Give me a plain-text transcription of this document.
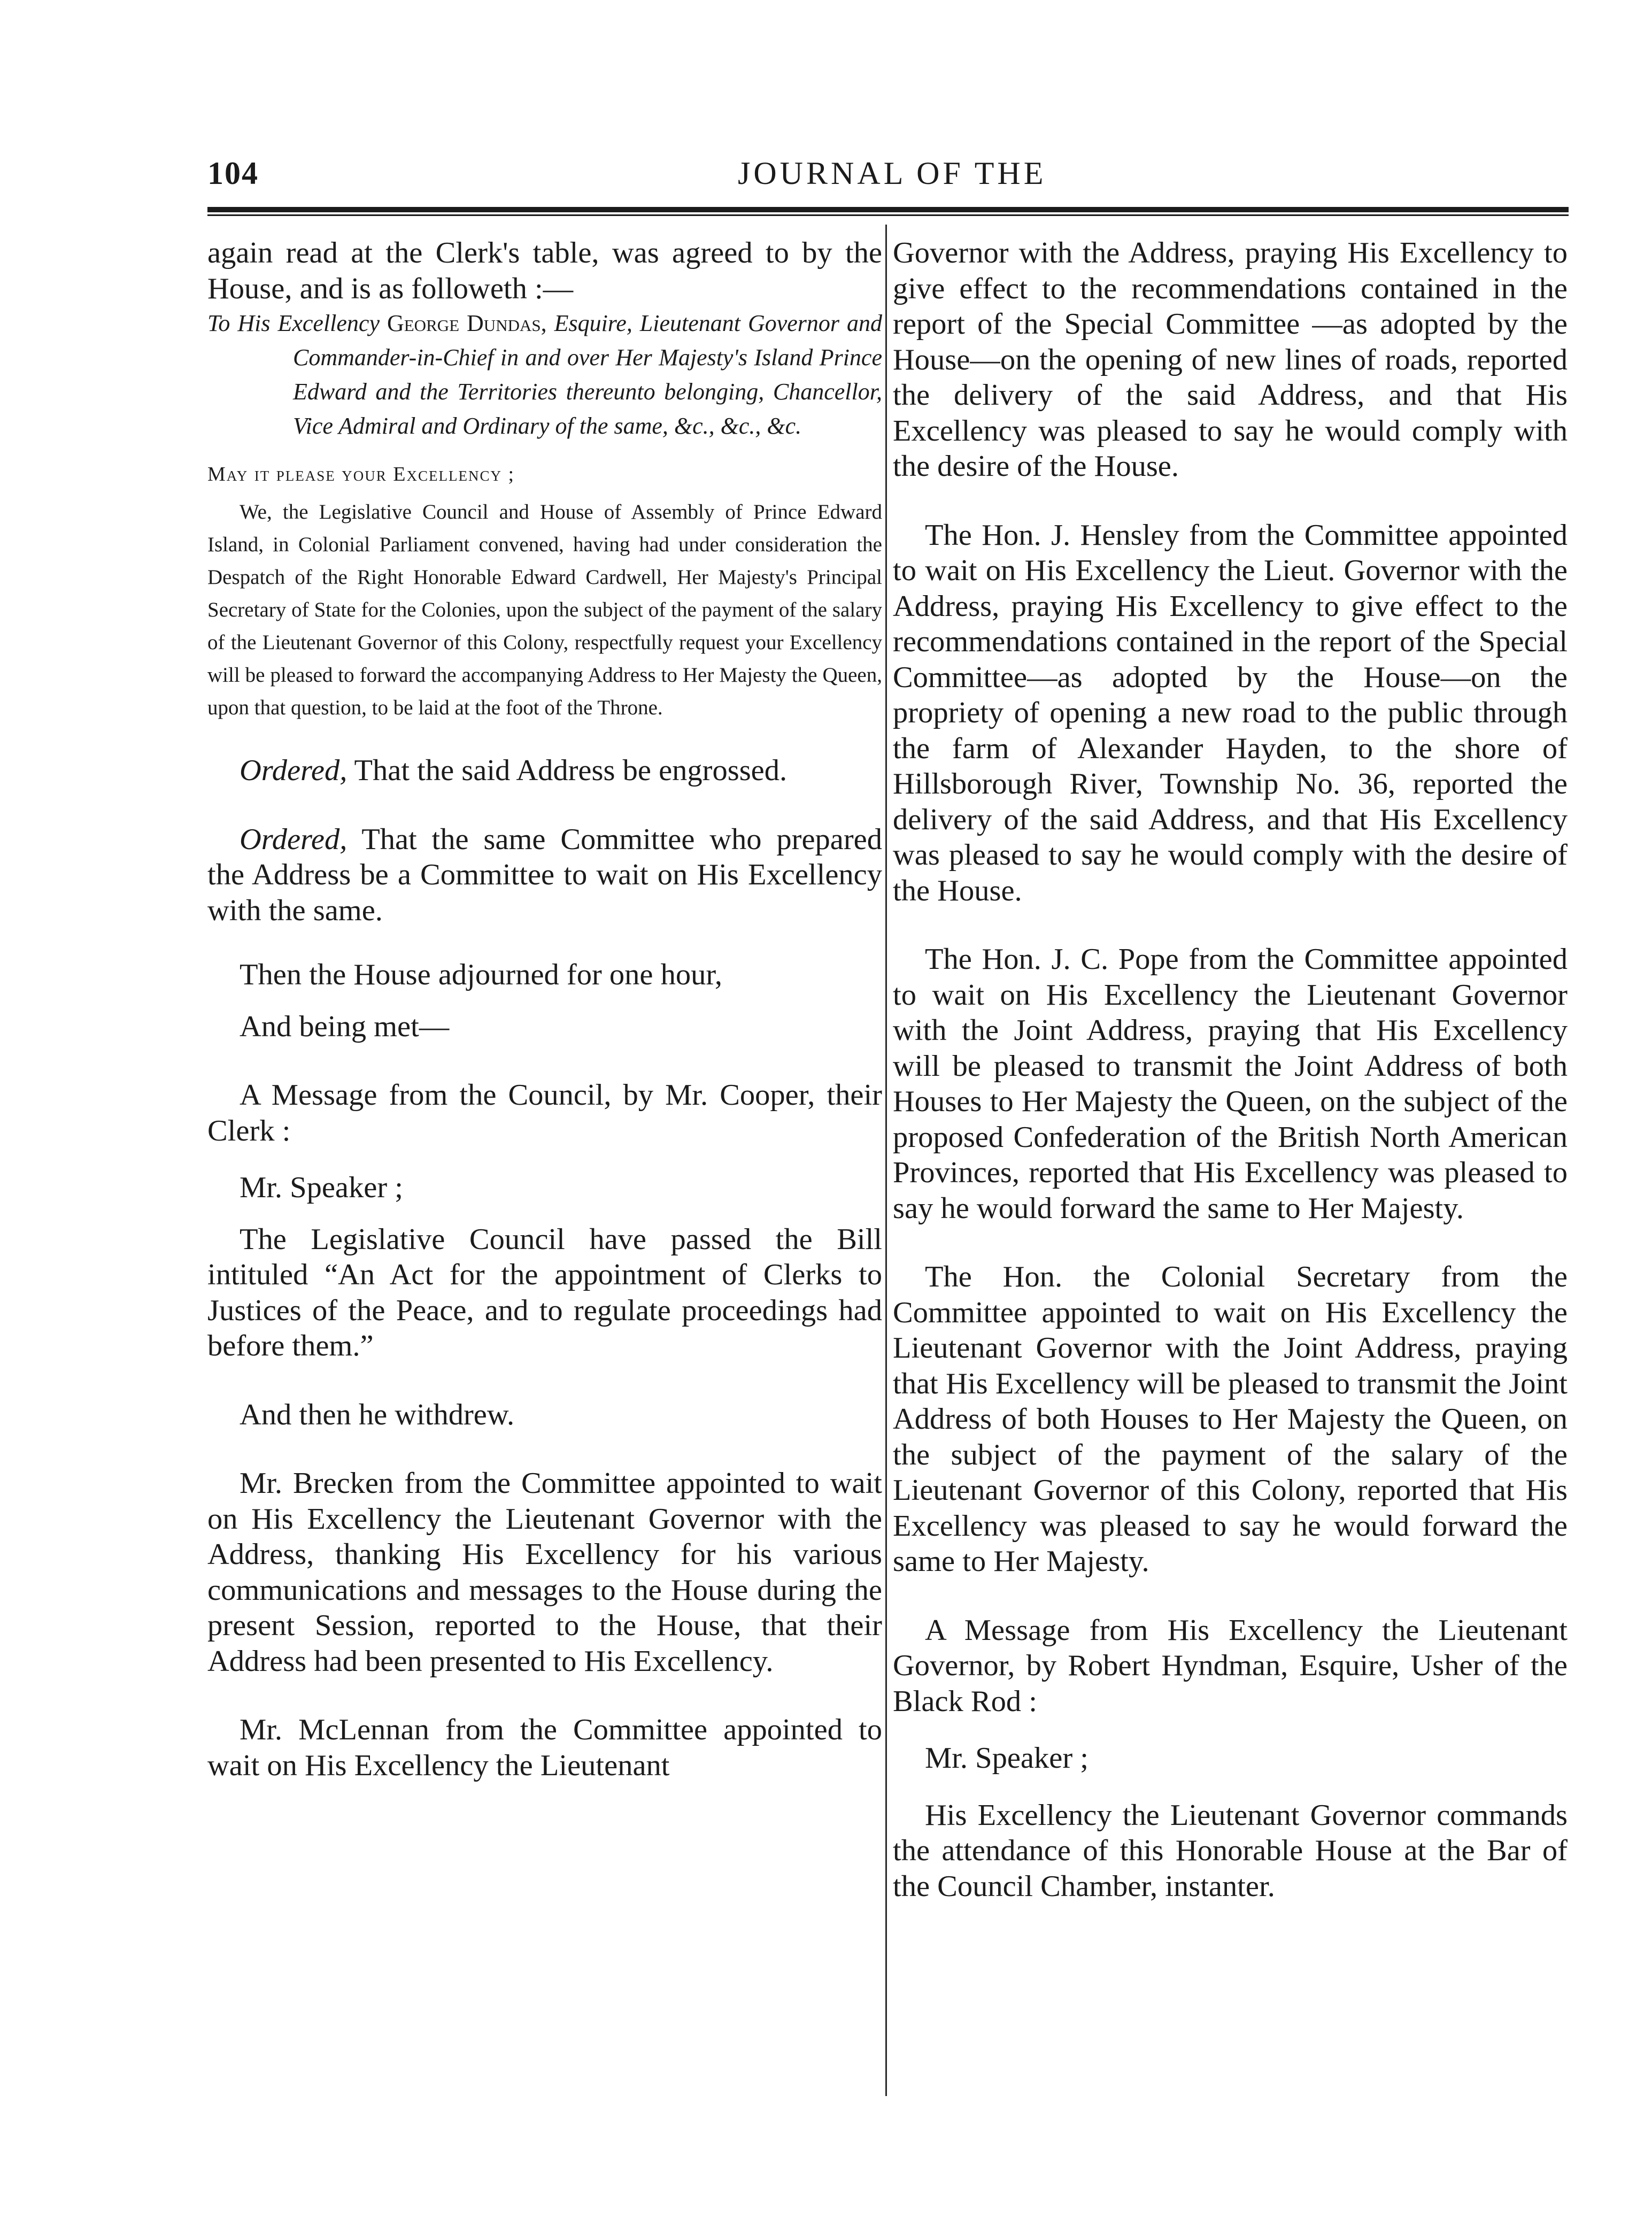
104	JOURNAL OF THE

again read at the Clerk's table, was agreed to by the House, and is as followeth :—

To His Excellency George Dundas, Esquire, Lieutenant Governor and Commander-in-Chief in and over Her Majesty's Island Prince Edward and the Territories thereunto belonging, Chancellor, Vice Admiral and Ordinary of the same, &c., &c., &c.

May it please your Excellency ;

We, the Legislative Council and House of Assembly of Prince Edward Island, in Colonial Parliament convened, having had under consideration the Despatch of the Right Honorable Edward Cardwell, Her Majesty's Principal Secretary of State for the Colonies, upon the subject of the payment of the salary of the Lieutenant Governor of this Colony, respectfully request your Excellency will be pleased to forward the accompanying Address to Her Majesty the Queen, upon that question, to be laid at the foot of the Throne.

Ordered, That the said Address be engrossed.

Ordered, That the same Committee who prepared the Address be a Committee to wait on His Excellency with the same.

Then the House adjourned for one hour,

And being met—

A Message from the Council, by Mr. Cooper, their Clerk :

Mr. Speaker ;

The Legislative Council have passed the Bill intituled “An Act for the appointment of Clerks to Justices of the Peace, and to regulate proceedings had before them.”

And then he withdrew.

Mr. Brecken from the Committee appointed to wait on His Excellency the Lieutenant Governor with the Address, thanking His Excellency for his various communications and messages to the House during the present Session, reported to the House, that their Address had been presented to His Excellency.

Mr. McLennan from the Committee appointed to wait on His Excellency the Lieutenant

Governor with the Address, praying His Excellency to give effect to the recommendations contained in the report of the Special Committee —as adopted by the House—on the opening of new lines of roads, reported the delivery of the said Address, and that His Excellency was pleased to say he would comply with the desire of the House.

The Hon. J. Hensley from the Committee appointed to wait on His Excellency the Lieut. Governor with the Address, praying His Excellency to give effect to the recommendations contained in the report of the Special Committee—as adopted by the House—on the propriety of opening a new road to the public through the farm of Alexander Hayden, to the shore of Hillsborough River, Township No. 36, reported the delivery of the said Address, and that His Excellency was pleased to say he would comply with the desire of the House.

The Hon. J. C. Pope from the Committee appointed to wait on His Excellency the Lieutenant Governor with the Joint Address, praying that His Excellency will be pleased to transmit the Joint Address of both Houses to Her Majesty the Queen, on the subject of the proposed Confederation of the British North American Provinces, reported that His Excellency was pleased to say he would forward the same to Her Majesty.

The Hon. the Colonial Secretary from the Committee appointed to wait on His Excellency the Lieutenant Governor with the Joint Address, praying that His Excellency will be pleased to transmit the Joint Address of both Houses to Her Majesty the Queen, on the subject of the payment of the salary of the Lieutenant Governor of this Colony, reported that His Excellency was pleased to say he would forward the same to Her Majesty.

A Message from His Excellency the Lieutenant Governor, by Robert Hyndman, Esquire, Usher of the Black Rod :

Mr. Speaker ;

His Excellency the Lieutenant Governor commands the attendance of this Honorable House at the Bar of the Council Chamber, instanter.
